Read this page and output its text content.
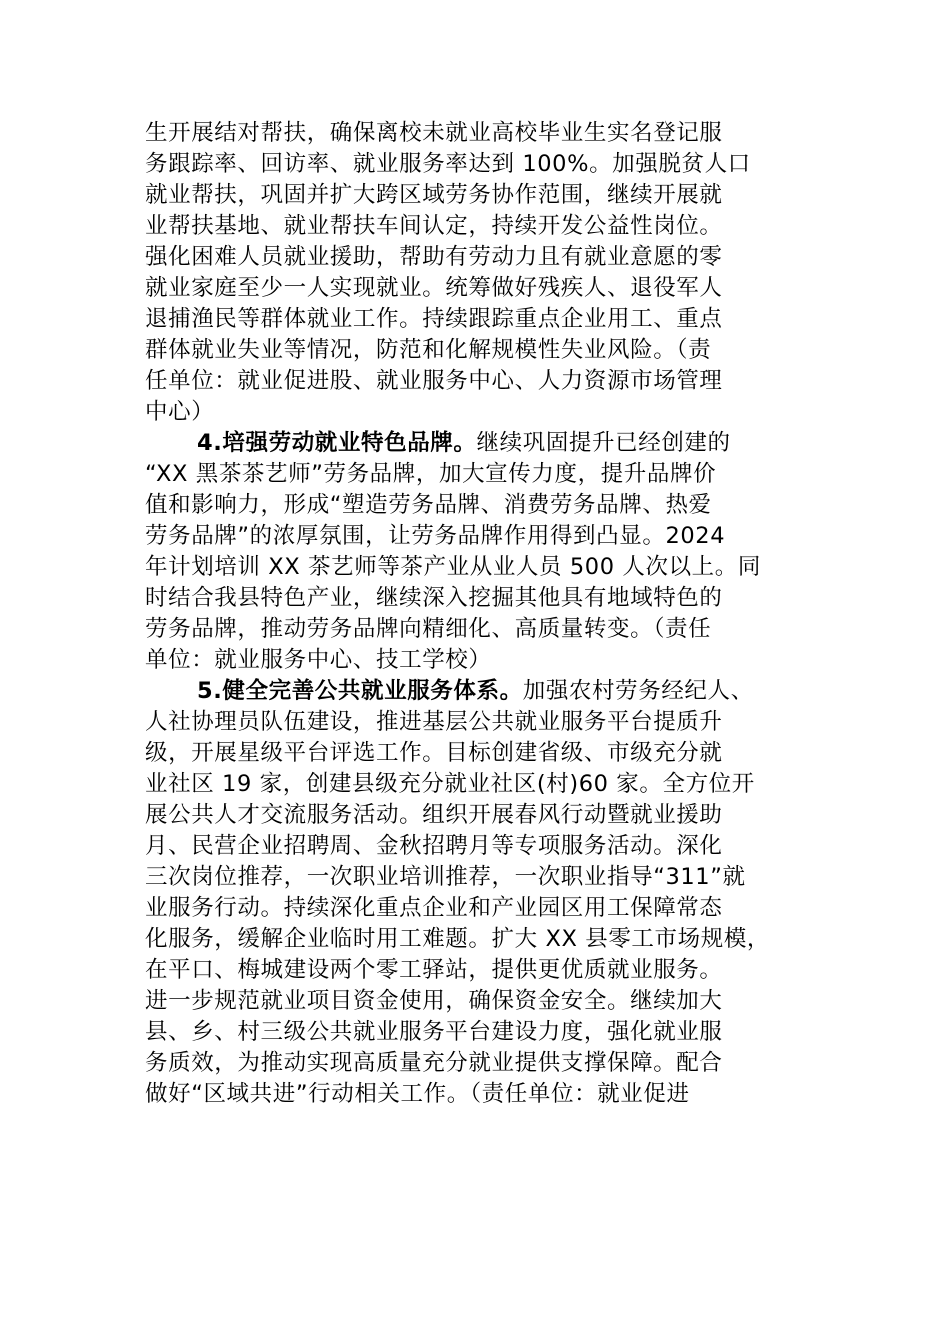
生开展结对帮扶，确保离校未就业高校毕业生实名登记服
务跟踪率、回访率、就业服务率达到 100%。加强脱贫人口
就业帮扶，巩固并扩大跨区域劳务协作范围，继续开展就
业帮扶基地、就业帮扶车间认定，持续开发公益性岗位。
强化困难人员就业援助，帮助有劳动力且有就业意愿的零
就业家庭至少一人实现就业。统筹做好残疾人、退役军人
退捕渔民等群体就业工作。持续跟踪重点企业用工、重点
群体就业失业等情况，防范和化解规模性失业风险。（责
任单位：就业促进股、就业服务中心、人力资源市场管理
中心）
4.培强劳动就业特色品牌。继续巩固提升已经创建的
“XX 黑茶茶艺师”劳务品牌，加大宣传力度，提升品牌价
值和影响力，形成“塑造劳务品牌、消费劳务品牌、热爱
劳务品牌”的浓厚氛围，让劳务品牌作用得到凸显。2024
年计划培训 XX 茶艺师等茶产业从业人员 500 人次以上。同
时结合我县特色产业，继续深入挖掘其他具有地域特色的
劳务品牌，推动劳务品牌向精细化、高质量转变。（责任
单位：就业服务中心、技工学校）
5.健全完善公共就业服务体系。加强农村劳务经纪人、
人社协理员队伍建设，推进基层公共就业服务平台提质升
级，开展星级平台评选工作。目标创建省级、市级充分就
业社区 19 家，创建县级充分就业社区(村)60 家。全方位开
展公共人才交流服务活动。组织开展春风行动暨就业援助
月、民营企业招聘周、金秋招聘月等专项服务活动。深化
三次岗位推荐，一次职业培训推荐，一次职业指导“311”就
业服务行动。持续深化重点企业和产业园区用工保障常态
化服务，缓解企业临时用工难题。扩大 XX 县零工市场规模，
在平口、梅城建设两个零工驿站，提供更优质就业服务。
进一步规范就业项目资金使用，确保资金安全。继续加大
县、乡、村三级公共就业服务平台建设力度，强化就业服
务质效，为推动实现高质量充分就业提供支撑保障。配合
做好“区域共进”行动相关工作。（责任单位：就业促进
